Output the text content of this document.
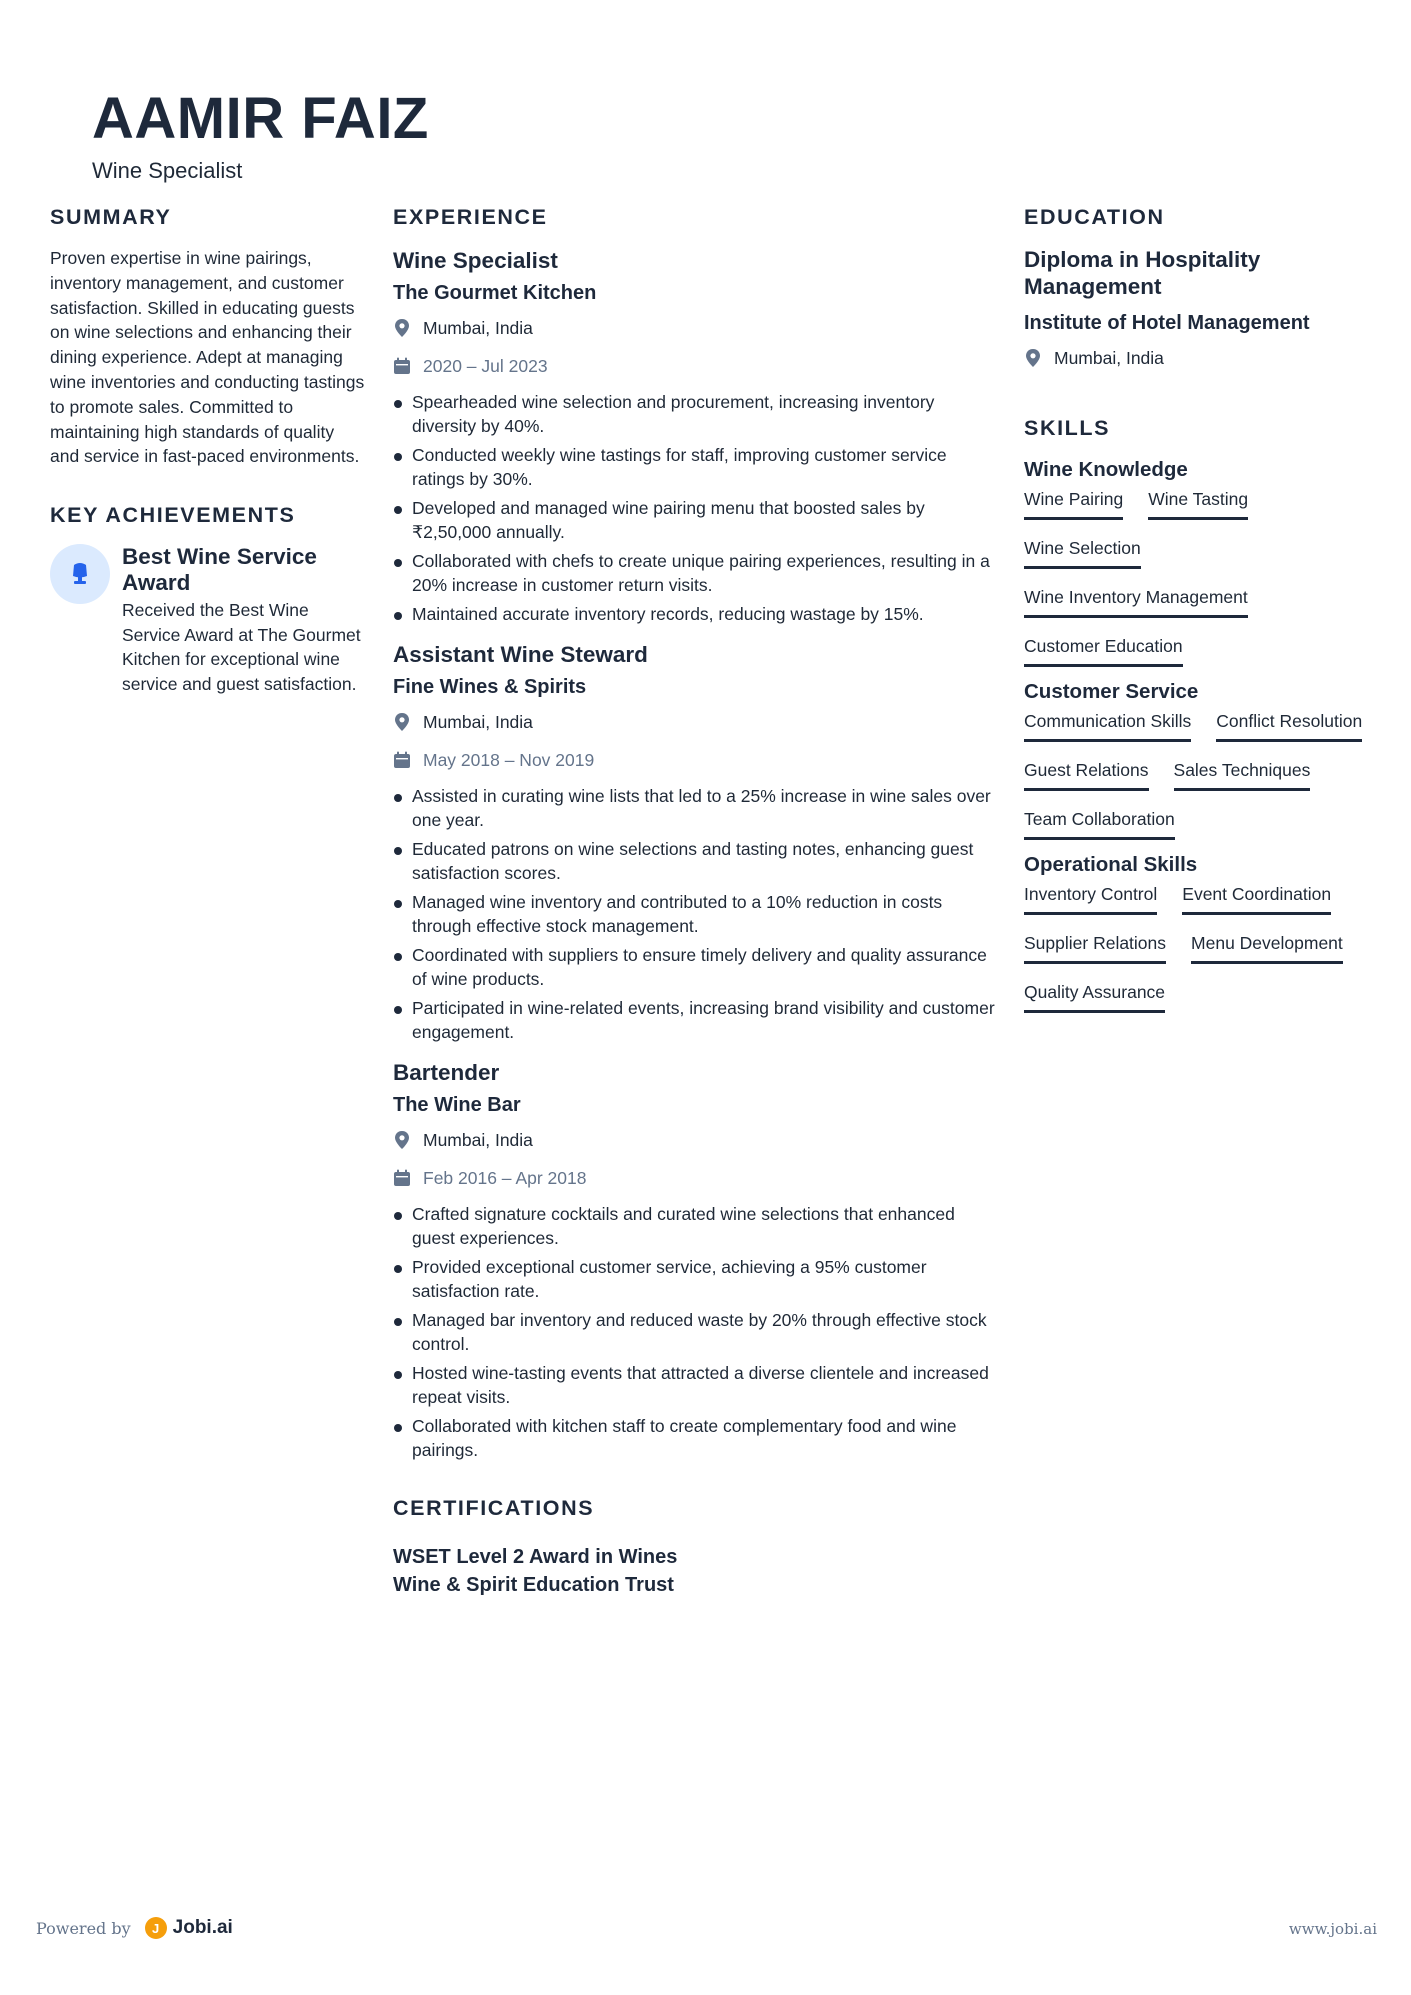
AAMIR FAIZ
Wine Specialist
SUMMARY

Proven expertise in wine pairings, inventory management, and customer satisfaction. Skilled in educating guests on wine selections and enhancing their dining experience. Adept at managing wine inventories and conducting tastings to promote sales. Committed to maintaining high standards of quality and service in fast-paced environments.

KEY ACHIEVEMENTS
Best Wine Service Award
Received the Best Wine Service Award at The Gourmet Kitchen for exceptional wine service and guest satisfaction.
EXPERIENCE
Wine Specialist
The Gourmet Kitchen
Mumbai, India
2020 – Jul 2023
Spearheaded wine selection and procurement, increasing inventory diversity by 40%.
Conducted weekly wine tastings for staff, improving customer service ratings by 30%.
Developed and managed wine pairing menu that boosted sales by ₹2,50,000 annually.
Collaborated with chefs to create unique pairing experiences, resulting in a 20% increase in customer return visits.
Maintained accurate inventory records, reducing wastage by 15%.
Assistant Wine Steward
Fine Wines & Spirits
Mumbai, India
May 2018 – Nov 2019
Assisted in curating wine lists that led to a 25% increase in wine sales over one year.
Educated patrons on wine selections and tasting notes, enhancing guest satisfaction scores.
Managed wine inventory and contributed to a 10% reduction in costs through effective stock management.
Coordinated with suppliers to ensure timely delivery and quality assurance of wine products.
Participated in wine-related events, increasing brand visibility and customer engagement.
Bartender
The Wine Bar
Mumbai, India
Feb 2016 – Apr 2018
Crafted signature cocktails and curated wine selections that enhanced guest experiences.
Provided exceptional customer service, achieving a 95% customer satisfaction rate.
Managed bar inventory and reduced waste by 20% through effective stock control.
Hosted wine-tasting events that attracted a diverse clientele and increased repeat visits.
Collaborated with kitchen staff to create complementary food and wine pairings.
CERTIFICATIONS
WSET Level 2 Award in Wines
Wine & Spirit Education Trust
EDUCATION
Diploma in Hospitality Management
Institute of Hotel Management
Mumbai, India
SKILLS
Wine Knowledge
Wine Pairing Wine Tasting
Wine Selection
Wine Inventory Management
Customer Education
Customer Service
Communication Skills Conflict Resolution
Guest Relations Sales Techniques
Team Collaboration
Operational Skills
Inventory Control Event Coordination
Supplier Relations Menu Development
Quality Assurance
Powered by	J Jobi.ai	www.jobi.ai
